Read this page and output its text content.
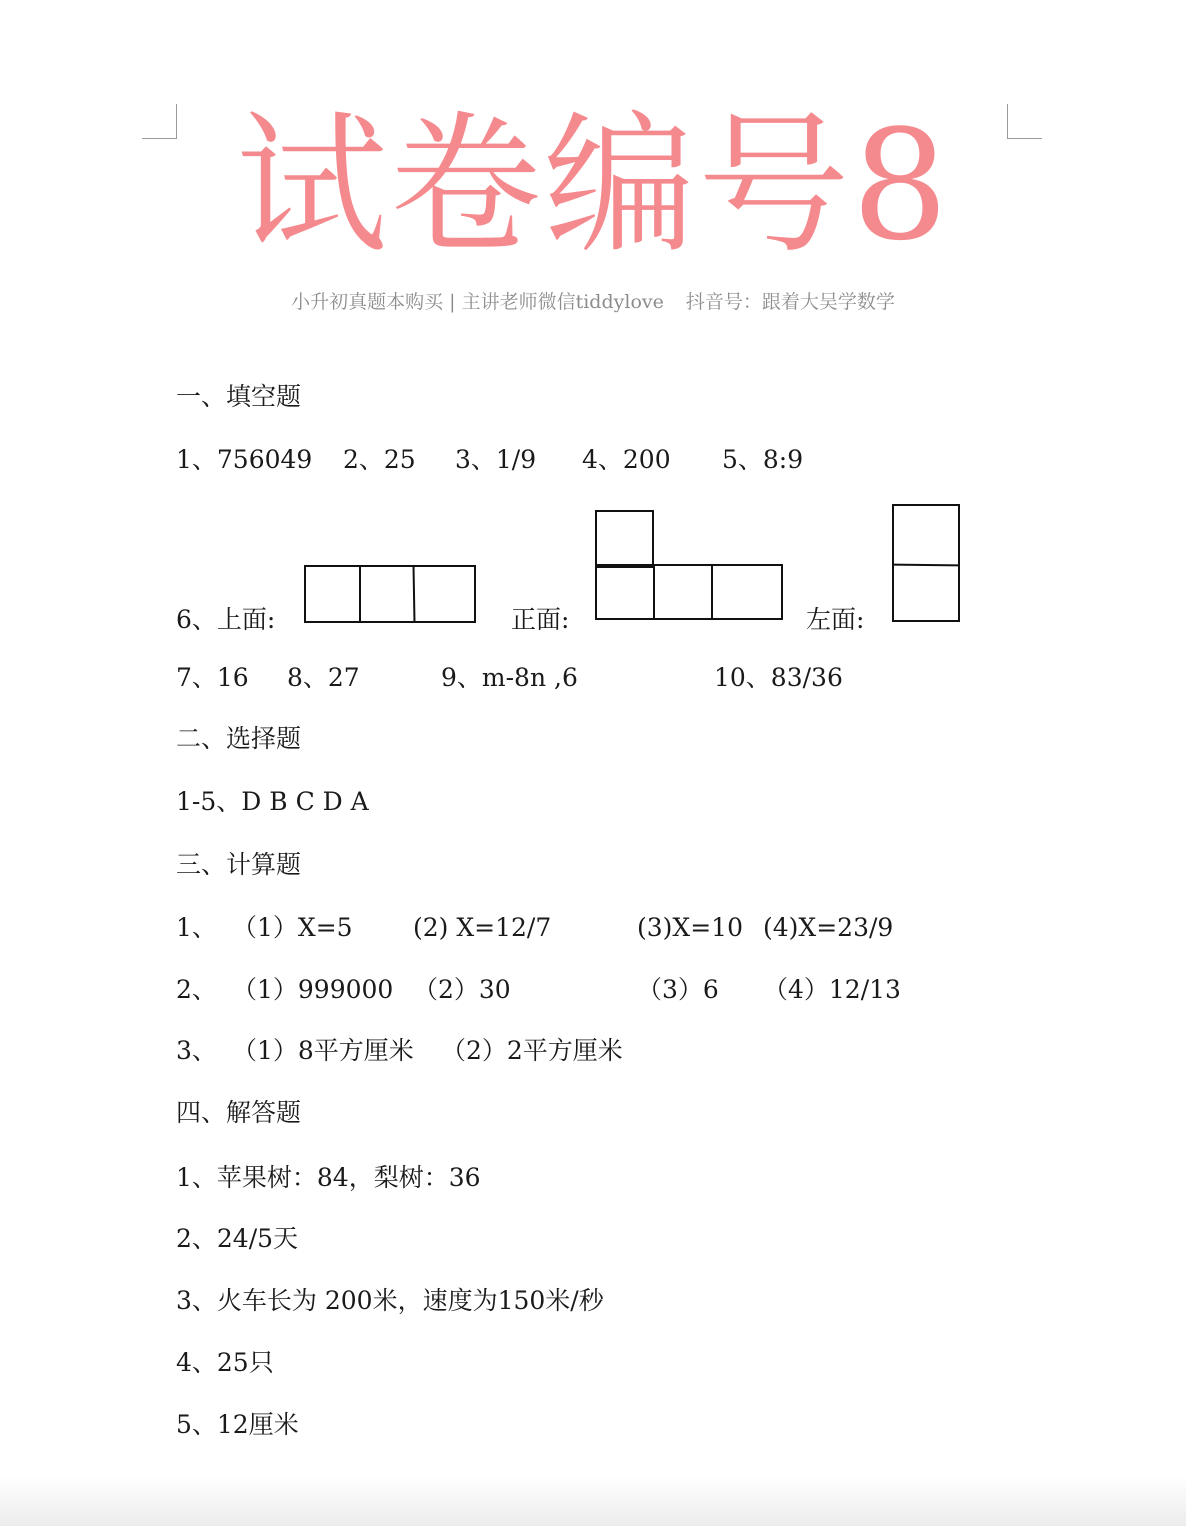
试卷编号8
小升初真题本购买 | 主讲老师微信tiddylove 抖音号：跟着大吴学数学
一、填空题
1、756049 2、25 3、1/9 4、200 5、8:9
6、上面:	正面:	左面:
7、16 8、27	9、m-8n ,6	10、83/36
二、选择题
1-5、D B C D A
三、计算题
1、 （1）X=5 (2) X=12/7	(3)X=10 (4)X=23/9
2、 （1）999000 （2）30	（3）6 （4）12/13
3、 （1）8平方厘米 （2）2平方厘米
四、解答题
1、苹果树：84，梨树：36
2、24/5天
3、火车长为 200米，速度为150米/秒
4、25只
5、12厘米
